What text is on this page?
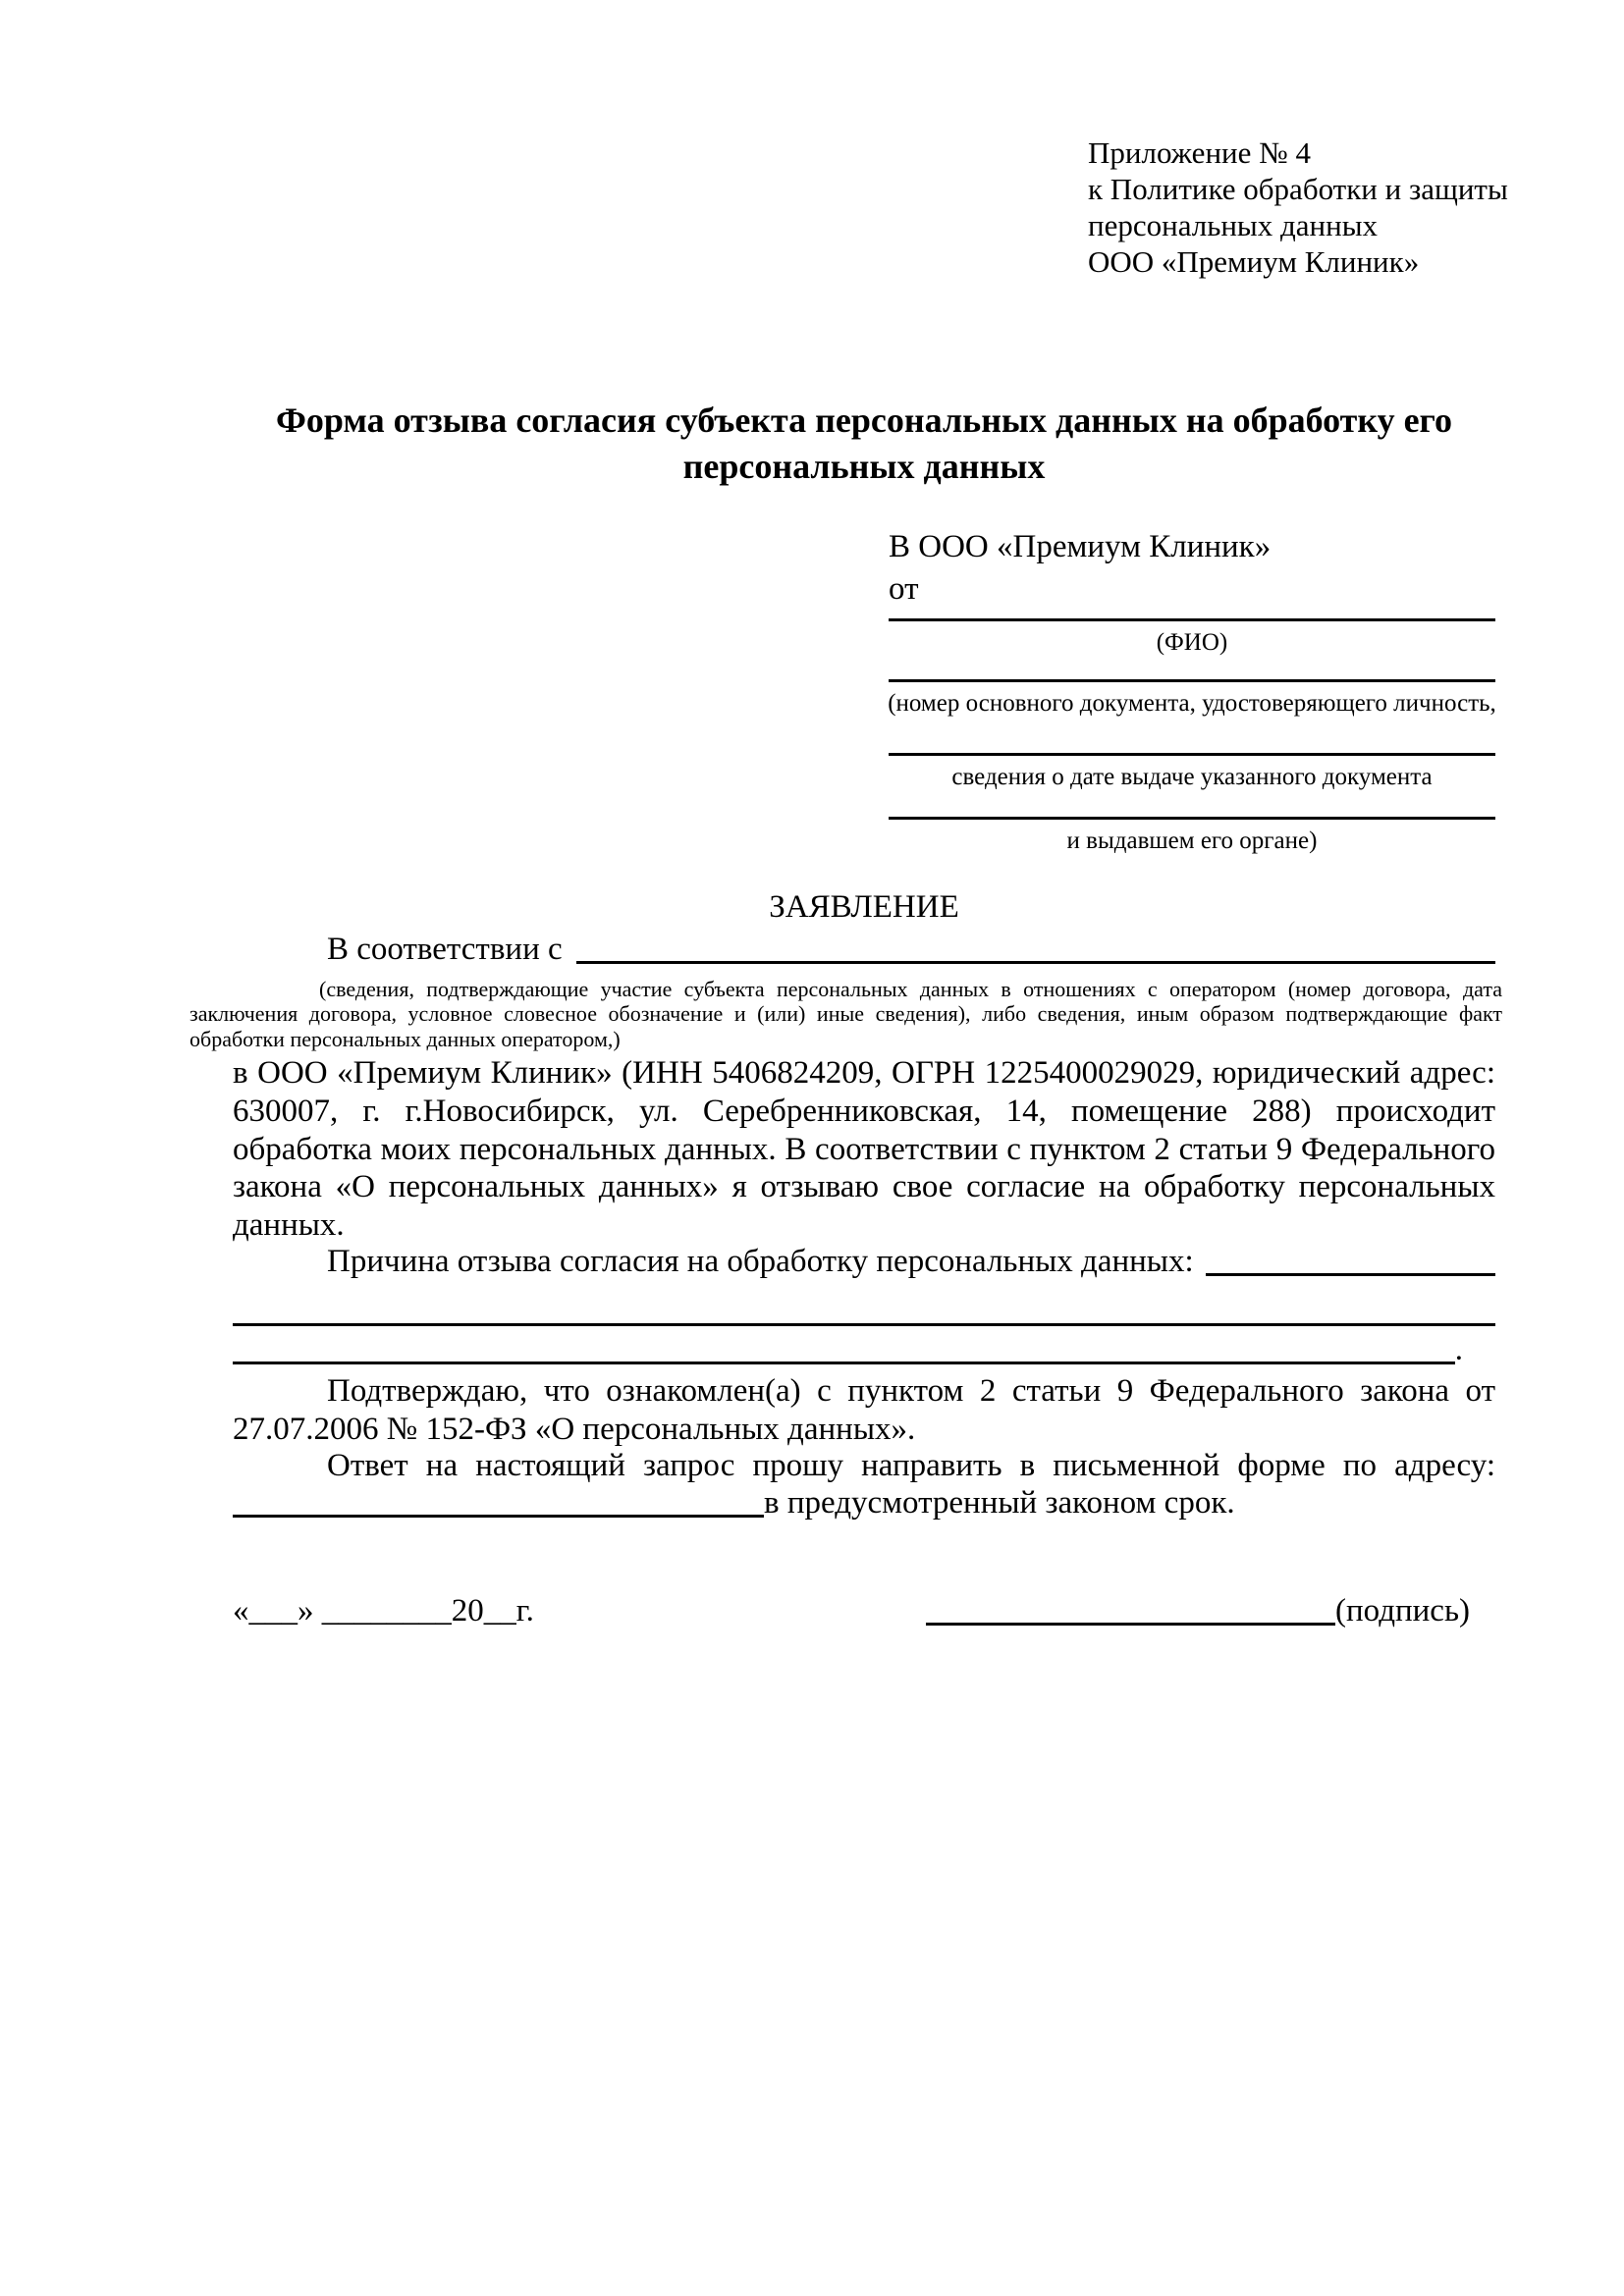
Приложение № 4
к Политике обработки и защиты
персональных данных
ООО «Премиум Клиник»
Форма отзыва согласия субъекта персональных данных на обработку его персональных данных
В ООО «Премиум Клиник»
от
(ФИО)
(номер основного документа, удостоверяющего личность,
сведения о дате выдаче указанного документа
и выдавшем его органе)
ЗАЯВЛЕНИЕ
В соответствии с
(сведения, подтверждающие участие субъекта персональных данных в отношениях с оператором (номер договора, дата заключения договора, условное словесное обозначение и (или) иные сведения), либо сведения, иным образом подтверждающие факт обработки персональных данных оператором,)
в ООО «Премиум Клиник» (ИНН 5406824209, ОГРН 1225400029029, юридический адрес: 630007, г. г.Новосибирск, ул. Серебренниковская, 14, помещение 288) происходит обработка моих персональных данных. В соответствии с пунктом 2 статьи 9 Федерального закона «О персональных данных» я отзываю свое согласие на обработку персональных данных.
Причина отзыва согласия на обработку персональных данных:
.
Подтверждаю, что ознакомлен(а) с пунктом 2 статьи 9 Федерального закона от 27.07.2006 № 152-ФЗ «О персональных данных».
Ответ на настоящий запрос прошу направить в письменной форме по адресу:
в предусмотренный законом срок.
«___» ________20__г.	(подпись)
